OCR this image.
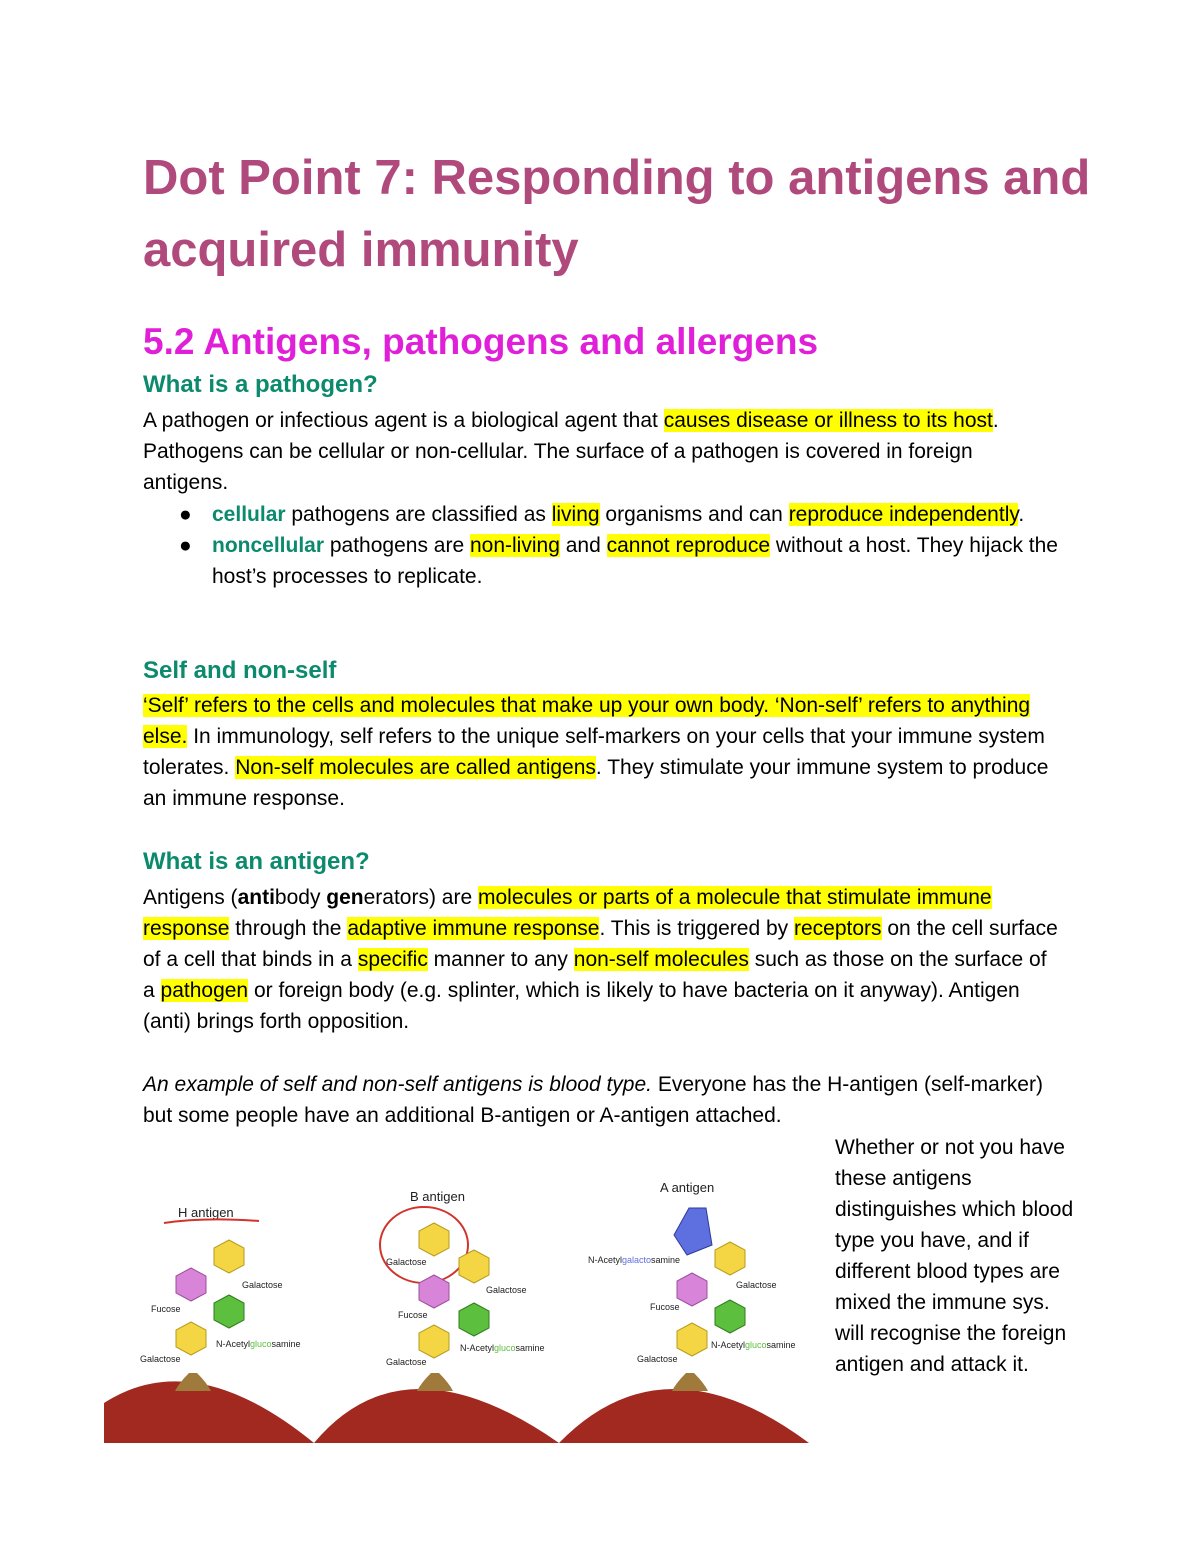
Dot Point 7: Responding to antigens and acquired immunity
5.2 Antigens, pathogens and allergens
What is a pathogen?

A pathogen or infectious agent is a biological agent that causes disease or illness to its host. Pathogens can be cellular or non-cellular. The surface of a pathogen is covered in foreign antigens.

● cellular pathogens are classified as living organisms and can reproduce independently.
● noncellular pathogens are non-living and cannot reproduce without a host. They hijack the host’s processes to replicate.
Self and non-self

‘Self’ refers to the cells and molecules that make up your own body. ‘Non-self’ refers to anything else. In immunology, self refers to the unique self-markers on your cells that your immune system tolerates. Non-self molecules are called antigens. They stimulate your immune system to produce an immune response.

What is an antigen?

Antigens (antibody generators) are molecules or parts of a molecule that stimulate immune response through the adaptive immune response. This is triggered by receptors on the cell surface of a cell that binds in a specific manner to any non-self molecules such as those on the surface of a pathogen or foreign body (e.g. splinter, which is likely to have bacteria on it anyway). Antigen (anti) brings forth opposition.

An example of self and non-self antigens is blood type. Everyone has the H-antigen (self-marker) but some people have an additional B-antigen or A-antigen attached.

Whether or not you have these antigens distinguishes which blood type you have, and if different blood types are mixed the immune sys. will recognise the foreign antigen and attack it.

H antigen
Galactose
Fucose
N-Acetylglucosamine
Galactose
B antigen
Galactose
Galactose
Fucose
N-Acetylglucosamine
Galactose
A antigen
N-Acetylgalactosamine
Galactose
Fucose
N-Acetylglucosamine
Galactose
